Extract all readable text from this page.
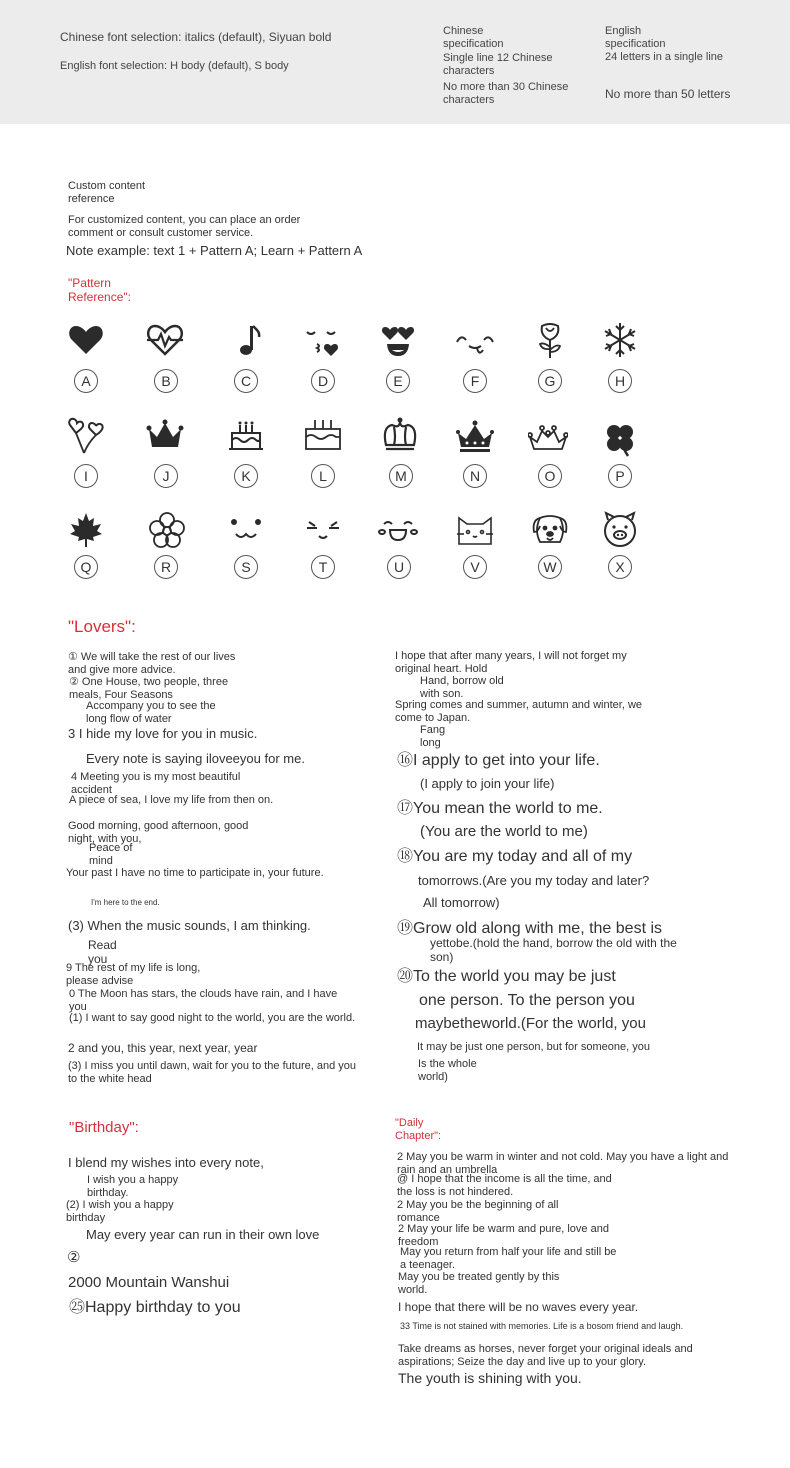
Chinese font selection: italics (default), Siyuan bold
English font selection: H body (default), S body
Chinese specification
Single line 12 Chinese characters
No more than 30 Chinese characters
English specification
24 letters in a single line
No more than 50 letters
Custom content reference
For customized content, you can place an order comment or consult customer service.
Note example: text 1 + Pattern A; Learn + Pattern A
"Pattern Reference":
A	B	C	D	E	F	G	H
I	J	K	L	M	N	O	P
Q	R	S	T	U	V	W	X
"Lovers":
① We will take the rest of our lives and give more advice.
② One House, two people, three meals, Four Seasons
Accompany you to see the long flow of water
3 I hide my love for you in music.
Every note is saying iloveeyou for me.
4 Meeting you is my most beautiful accident
A piece of sea, I love my life from then on.
Good morning, good afternoon, good night, with you,
Peace of mind
Your past I have no time to participate in, your future.
I'm here to the end.
(3) When the music sounds, I am thinking.
Read you
9 The rest of my life is long, please advise
0 The Moon has stars, the clouds have rain, and I have you
(1) I want to say good night to the world, you are the world.
2 and you, this year, next year, year
(3) I miss you until dawn, wait for you to the future, and you to the white head
I hope that after many years, I will not forget my original heart. Hold
Hand, borrow old with son.
Spring comes and summer, autumn and winter, we come to Japan.
Fang long
⑯I apply to get into your life.
(I apply to join your life)
⑰You mean the world to me.
(You are the world to me)
⑱You are my today and all of my
tomorrows.(Are you my today and later?
All tomorrow)
⑲Grow old along with me, the best is
yettobe.(hold the hand, borrow the old with the son)
⑳To the world you may be just
one person. To the person you
maybetheworld.(For the world, you
It may be just one person, but for someone, you
Is the whole world)
"Birthday":
I blend my wishes into every note,
I wish you a happy birthday.
(2) I wish you a happy birthday
May every year can run in their own love
②
2000 Mountain Wanshui
㉕Happy birthday to you
"Daily Chapter":
2 May you be warm in winter and not cold. May you have a light and rain and an umbrella
@ I hope that the income is all the time, and the loss is not hindered.
2 May you be the beginning of all romance
2 May your life be warm and pure, love and freedom
May you return from half your life and still be a teenager.
May you be treated gently by this world.
I hope that there will be no waves every year.
33 Time is not stained with memories. Life is a bosom friend and laugh.
Take dreams as horses, never forget your original ideals and aspirations; Seize the day and live up to your glory.
The youth is shining with you.
